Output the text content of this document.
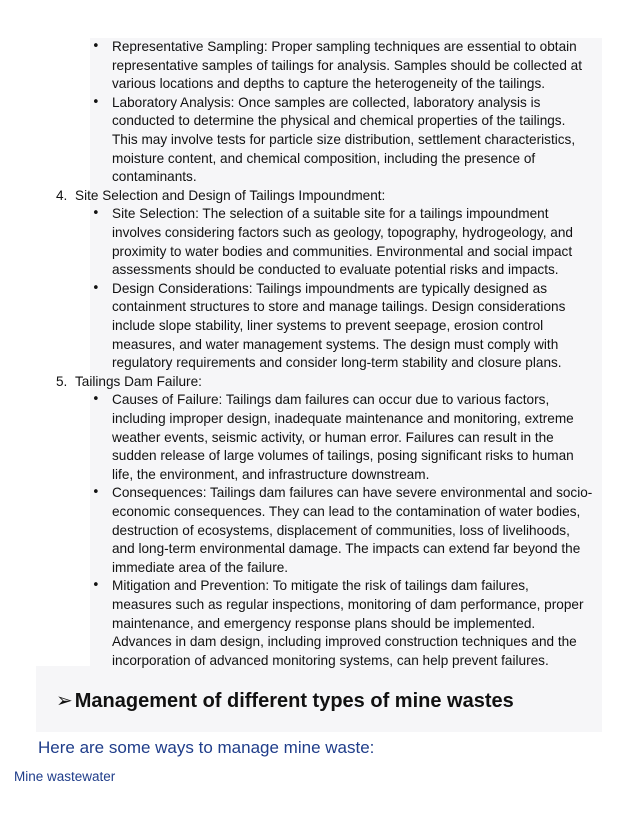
• Representative Sampling: Proper sampling techniques are essential to obtain
representative samples of tailings for analysis. Samples should be collected at
various locations and depths to capture the heterogeneity of the tailings.
• Laboratory Analysis: Once samples are collected, laboratory analysis is
conducted to determine the physical and chemical properties of the tailings.
This may involve tests for particle size distribution, settlement characteristics,
moisture content, and chemical composition, including the presence of
contaminants.
4. Site Selection and Design of Tailings Impoundment:
• Site Selection: The selection of a suitable site for a tailings impoundment
involves considering factors such as geology, topography, hydrogeology, and
proximity to water bodies and communities. Environmental and social impact
assessments should be conducted to evaluate potential risks and impacts.
• Design Considerations: Tailings impoundments are typically designed as
containment structures to store and manage tailings. Design considerations
include slope stability, liner systems to prevent seepage, erosion control
measures, and water management systems. The design must comply with
regulatory requirements and consider long-term stability and closure plans.
5. Tailings Dam Failure:
• Causes of Failure: Tailings dam failures can occur due to various factors,
including improper design, inadequate maintenance and monitoring, extreme
weather events, seismic activity, or human error. Failures can result in the
sudden release of large volumes of tailings, posing significant risks to human
life, the environment, and infrastructure downstream.
• Consequences: Tailings dam failures can have severe environmental and socio-
economic consequences. They can lead to the contamination of water bodies,
destruction of ecosystems, displacement of communities, loss of livelihoods,
and long-term environmental damage. The impacts can extend far beyond the
immediate area of the failure.
• Mitigation and Prevention: To mitigate the risk of tailings dam failures,
measures such as regular inspections, monitoring of dam performance, proper
maintenance, and emergency response plans should be implemented.
Advances in dam design, including improved construction techniques and the
incorporation of advanced monitoring systems, can help prevent failures.
➢ Management of different types of mine wastes
Here are some ways to manage mine waste:
Mine wastewater
